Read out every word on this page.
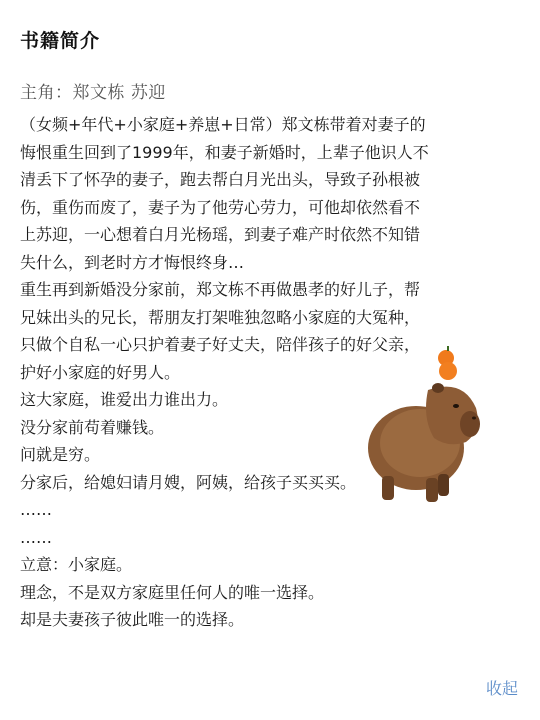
书籍简介
主角：郑文栋 苏迎
（女频+年代+小家庭+养崽+日常）郑文栋带着对妻子的
悔恨重生回到了1999年，和妻子新婚时，上辈子他识人不
清丢下了怀孕的妻子，跑去帮白月光出头，导致子孙根被
伤，重伤而废了，妻子为了他劳心劳力，可他却依然看不
上苏迎，一心想着白月光杨瑶，到妻子难产时依然不知错
失什么，到老时方才悔恨终身…
重生再到新婚没分家前，郑文栋不再做愚孝的好儿子，帮
兄妹出头的兄长，帮朋友打架唯独忽略小家庭的大冤种，
只做个自私一心只护着妻子好丈夫，陪伴孩子的好父亲，
护好小家庭的好男人。
这大家庭，谁爱出力谁出力。
没分家前苟着赚钱。
问就是穷。
分家后，给媳妇请月嫂，阿姨，给孩子买买买。
……
……
立意：小家庭。
理念，不是双方家庭里任何人的唯一选择。
却是夫妻孩子彼此唯一的选择。
收起
